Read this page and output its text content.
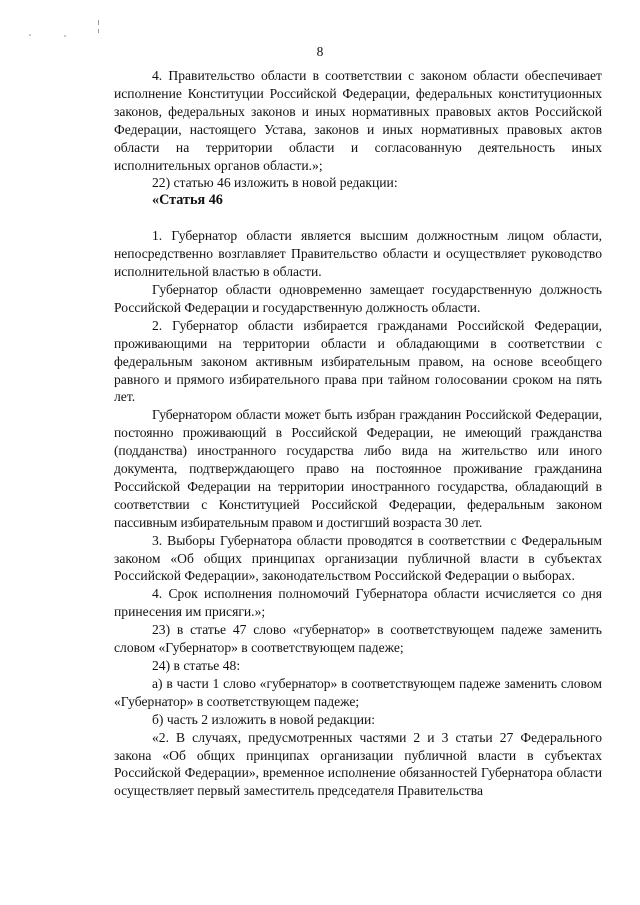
8

4. Правительство области в соответствии с законом области обеспечивает исполнение Конституции Российской Федерации, федеральных конституционных законов, федеральных законов и иных нормативных правовых актов Российской Федерации, настоящего Устава, законов и иных нормативных правовых актов области на территории области и согласованную деятельность иных исполнительных органов области.»;

22) статью 46 изложить в новой редакции:

«Статья 46

1. Губернатор области является высшим должностным лицом области, непосредственно возглавляет Правительство области и осуществляет руководство исполнительной властью в области.

Губернатор области одновременно замещает государственную должность Российской Федерации и государственную должность области.

2. Губернатор области избирается гражданами Российской Федерации, проживающими на территории области и обладающими в соответствии с федеральным законом активным избирательным правом, на основе всеобщего равного и прямого избирательного права при тайном голосовании сроком на пять лет.

Губернатором области может быть избран гражданин Российской Федерации, постоянно проживающий в Российской Федерации, не имеющий гражданства (подданства) иностранного государства либо вида на жительство или иного документа, подтверждающего право на постоянное проживание гражданина Российской Федерации на территории иностранного государства, обладающий в соответствии с Конституцией Российской Федерации, федеральным законом пассивным избирательным правом и достигший возраста 30 лет.

3. Выборы Губернатора области проводятся в соответствии с Федеральным законом «Об общих принципах организации публичной власти в субъектах Российской Федерации», законодательством Российской Федерации о выборах.

4. Срок исполнения полномочий Губернатора области исчисляется со дня принесения им присяги.»;

23) в статье 47 слово «губернатор» в соответствующем падеже заменить словом «Губернатор» в соответствующем падеже;

24) в статье 48:

а) в части 1 слово «губернатор» в соответствующем падеже заменить словом «Губернатор» в соответствующем падеже;

б) часть 2 изложить в новой редакции:

«2. В случаях, предусмотренных частями 2 и 3 статьи 27 Федерального закона «Об общих принципах организации публичной власти в субъектах Российской Федерации», временное исполнение обязанностей Губернатора области осуществляет первый заместитель председателя Правительства
